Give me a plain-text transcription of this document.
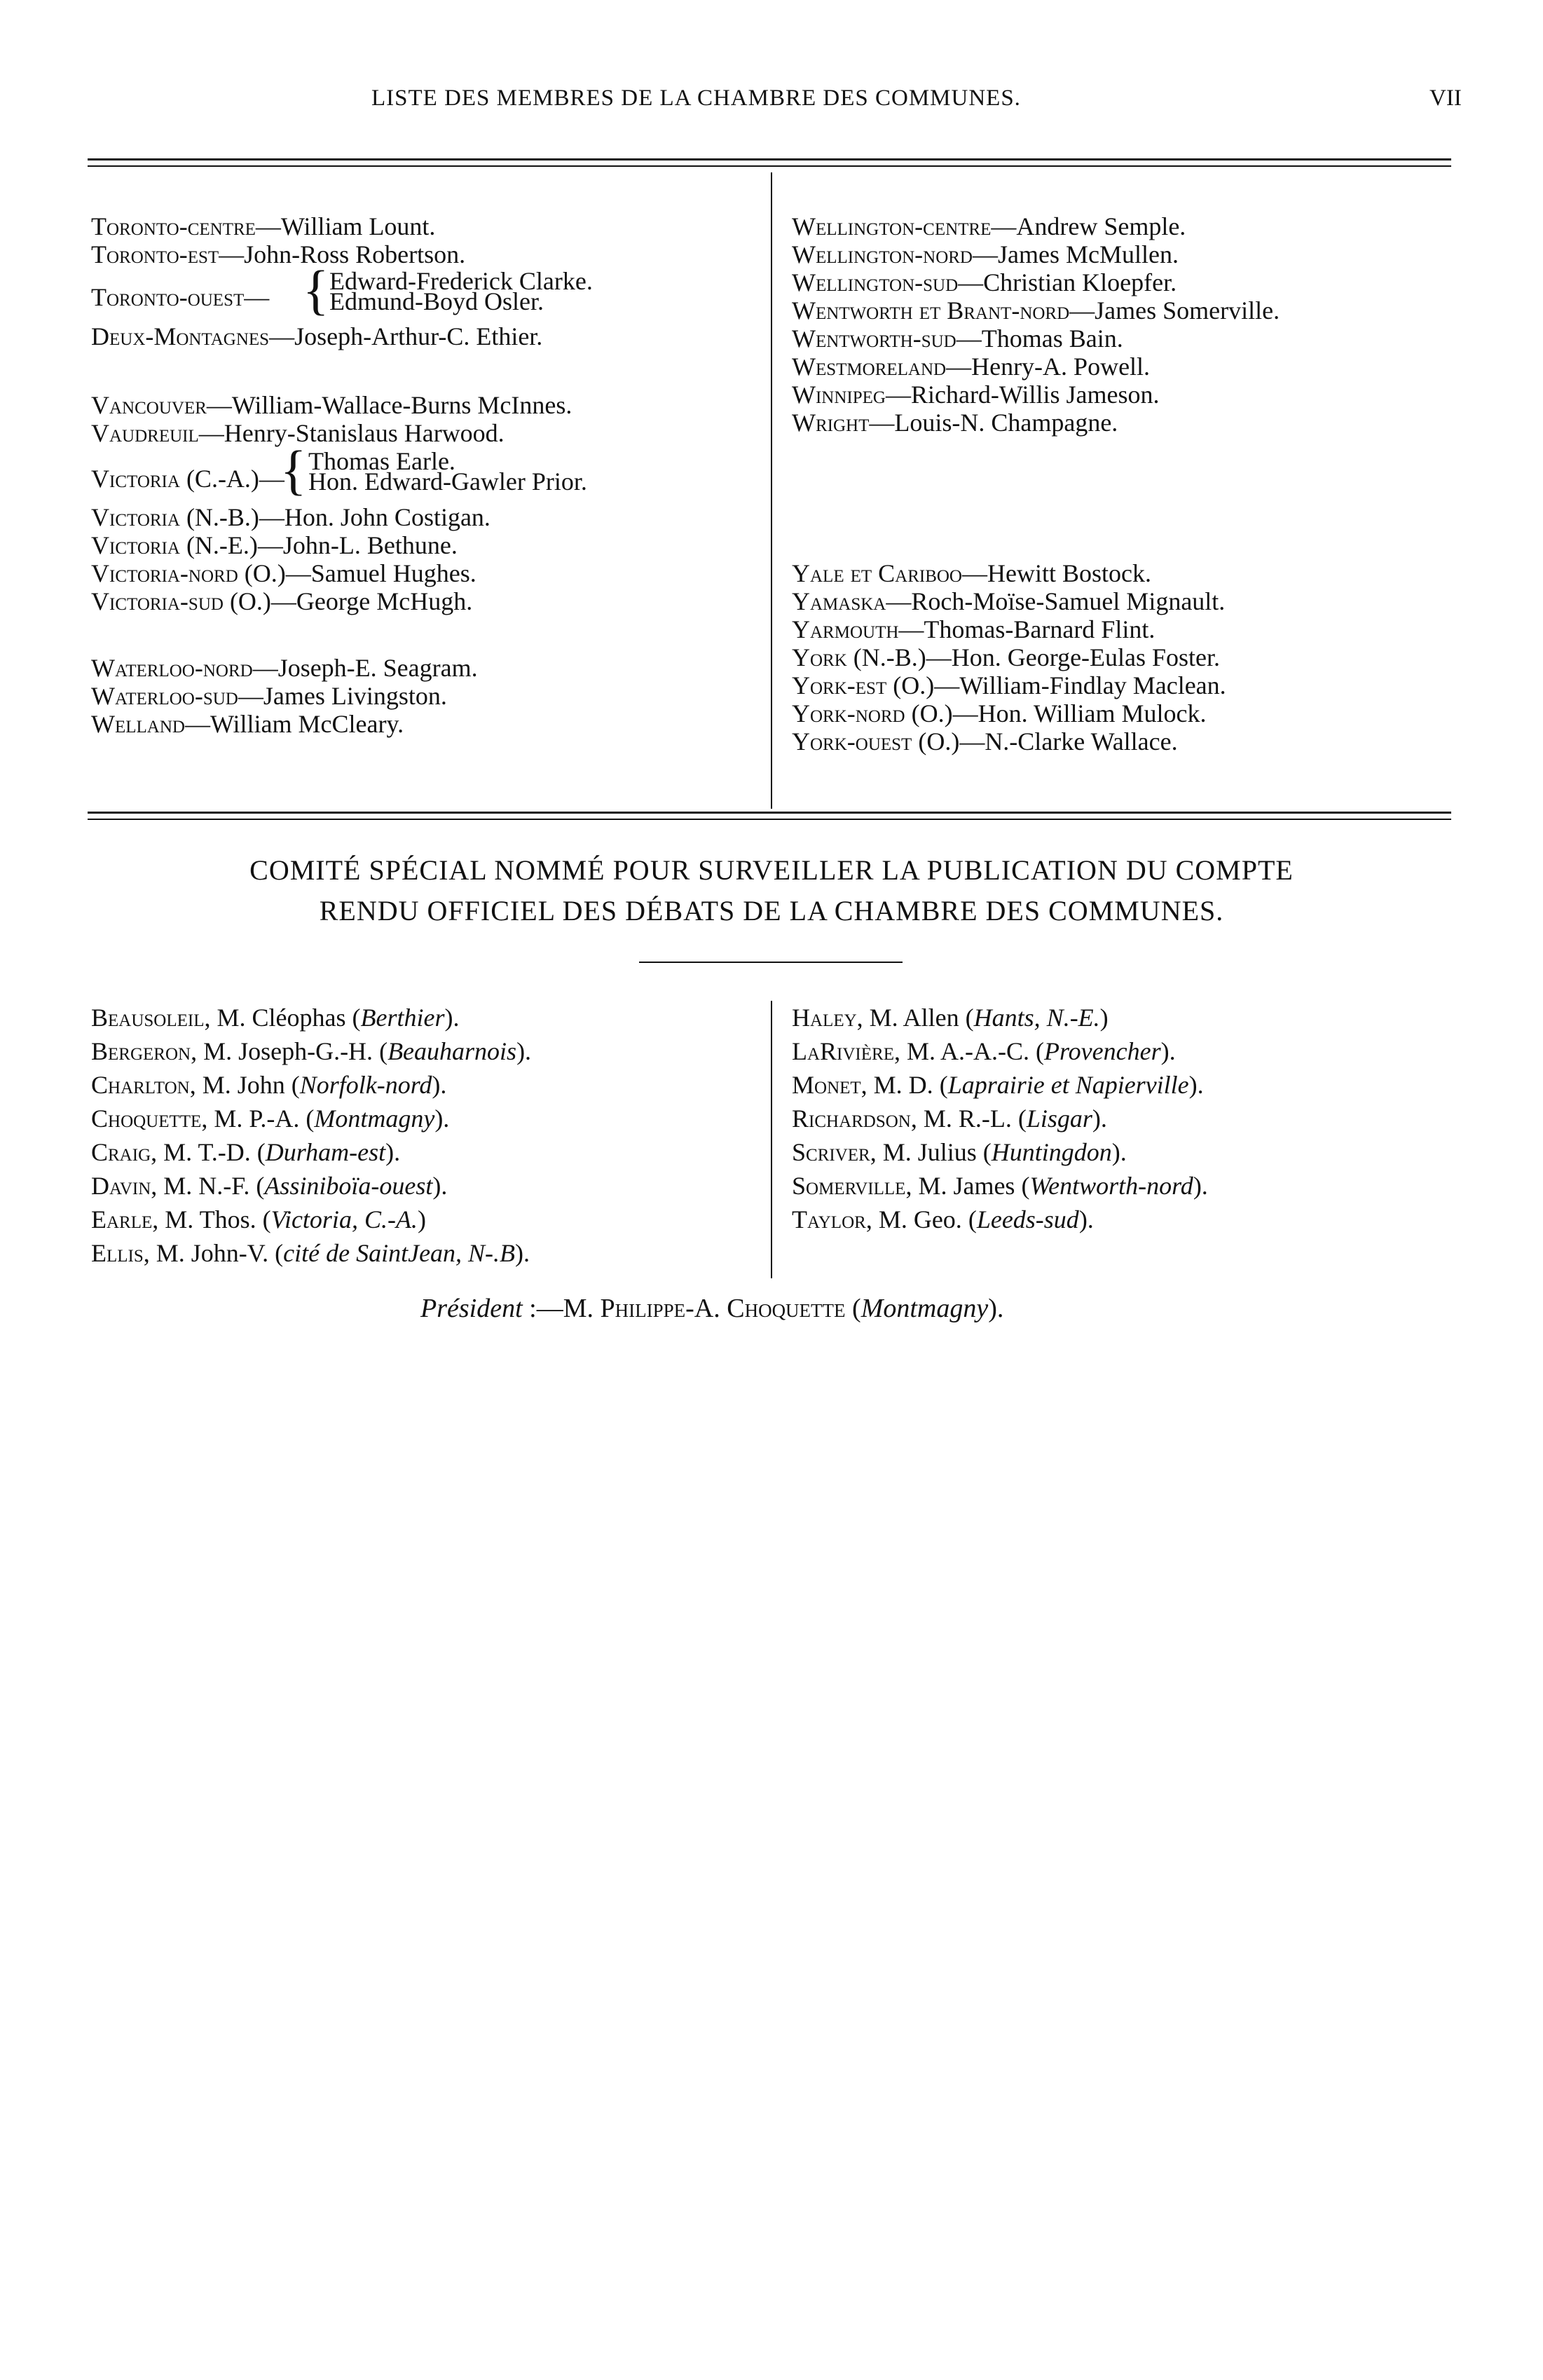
LISTE DES MEMBRES DE LA CHAMBRE DES COMMUNES.	VII
Toronto-centre—William Lount.
Toronto-est—John-Ross Robertson.
Toronto-ouest— { Edward-Frederick Clarke.
Edmund-Boyd Osler.
Deux-Montagnes—Joseph-Arthur-C. Ethier.
Vancouver—William-Wallace-Burns McInnes.
Vaudreuil—Henry-Stanislaus Harwood.
Victoria (C.-A.)—
{ Thomas Earle.
Hon. Edward-Gawler Prior.
Victoria (N.-B.)—Hon. John Costigan.
Victoria (N.-E.)—John-L. Bethune.
Victoria-nord (O.)—Samuel Hughes.
Victoria-sud (O.)—George McHugh.
Waterloo-nord—Joseph-E. Seagram.
Waterloo-sud—James Livingston.
Welland—William McCleary.
Wellington-centre—Andrew Semple.
Wellington-nord—James McMullen.
Wellington-sud—Christian Kloepfer.
Wentworth et Brant-nord—James Somerville.
Wentworth-sud—Thomas Bain.
Westmoreland—Henry-A. Powell.
Winnipeg—Richard-Willis Jameson.
Wright—Louis-N. Champagne.
Yale et Cariboo—Hewitt Bostock.
Yamaska—Roch-Moïse-Samuel Mignault.
Yarmouth—Thomas-Barnard Flint.
York (N.-B.)—Hon. George-Eulas Foster.
York-est (O.)—William-Findlay Maclean.
York-nord (O.)—Hon. William Mulock.
York-ouest (O.)—N.-Clarke Wallace.
COMITÉ SPÉCIAL NOMMÉ POUR SURVEILLER LA PUBLICATION DU COMPTE
RENDU OFFICIEL DES DÉBATS DE LA CHAMBRE DES COMMUNES.
Beausoleil, M. Cléophas (Berthier).
Bergeron, M. Joseph-G.-H. (Beauharnois).
Charlton, M. John (Norfolk-nord).
Choquette, M. P.-A. (Montmagny).
Craig, M. T.-D. (Durham-est).
Davin, M. N.-F. (Assiniboïa-ouest).
Earle, M. Thos. (Victoria, C.-A.)
Ellis, M. John-V. (cité de SaintJean, N-.B).
Haley, M. Allen (Hants, N.-E.)
LaRivière, M. A.-A.-C. (Provencher).
Monet, M. D. (Laprairie et Napierville).
Richardson, M. R.-L. (Lisgar).
Scriver, M. Julius (Huntingdon).
Somerville, M. James (Wentworth-nord).
Taylor, M. Geo. (Leeds-sud).
Président :—M. Philippe-A. Choquette (Montmagny).
